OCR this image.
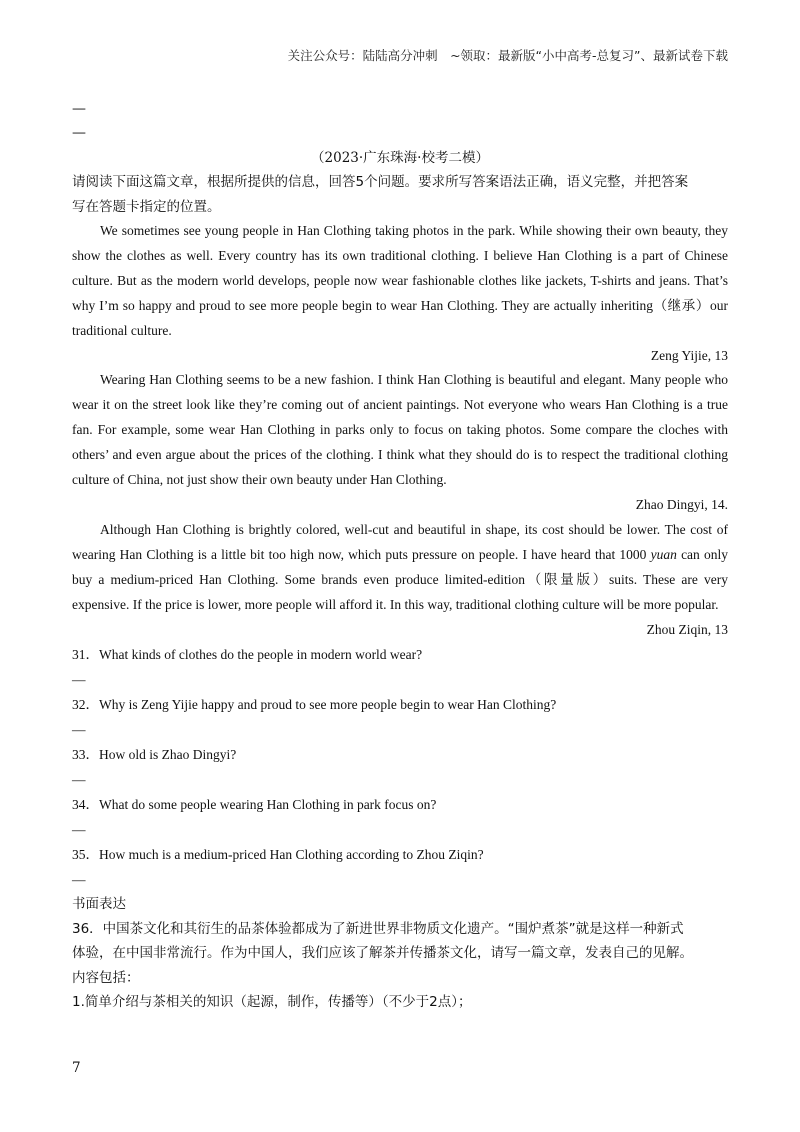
关注公众号：陆陆高分冲刺　~领取：最新版“小中高考-总复习”、最新试卷下载
—
—
（2023·广东珠海·校考二模）
请阅读下面这篇文章，根据所提供的信息，回答5个问题。要求所写答案语法正确，语义完整，并把答案
写在答题卡指定的位置。

We sometimes see young people in Han Clothing taking photos in the park. While showing their own beauty, they show the clothes as well. Every country has its own traditional clothing. I believe Han Clothing is a part of Chinese culture. But as the modern world develops, people now wear fashionable clothes like jackets, T-shirts and jeans. That’s why I’m so happy and proud to see more people begin to wear Han Clothing. They are actually inheriting（继承）our traditional culture.

Zeng Yijie, 13

Wearing Han Clothing seems to be a new fashion. I think Han Clothing is beautiful and elegant. Many people who wear it on the street look like they’re coming out of ancient paintings. Not everyone who wears Han Clothing is a true fan. For example, some wear Han Clothing in parks only to focus on taking photos. Some compare the cloches with others’ and even argue about the prices of the clothing. I think what they should do is to respect the traditional clothing culture of China, not just show their own beauty under Han Clothing.

Zhao Dingyi, 14.

Although Han Clothing is brightly colored, well-cut and beautiful in shape, its cost should be lower. The cost of wearing Han Clothing is a little bit too high now, which puts pressure on people. I have heard that 1000 yuan can only buy a medium-priced Han Clothing. Some brands even produce limited-edition（限量版）suits. These are very expensive. If the price is lower, more people will afford it. In this way, traditional clothing culture will be more popular.

Zhou Ziqin, 13

31．What kinds of clothes do the people in modern world wear?

—

32．Why is Zeng Yijie happy and proud to see more people begin to wear Han Clothing?

—

33．How old is Zhao Dingyi?

—

34．What do some people wearing Han Clothing in park focus on?

—

35．How much is a medium-priced Han Clothing according to Zhou Ziqin?

—

书面表达
36．中国茶文化和其衍生的品茶体验都成为了新进世界非物质文化遗产。“围炉煮茶”就是这样一种新式
体验，在中国非常流行。作为中国人，我们应该了解茶并传播茶文化，请写一篇文章，发表自己的见解。
内容包括：
1.简单介绍与茶相关的知识（起源，制作，传播等）（不少于2点）；
7
